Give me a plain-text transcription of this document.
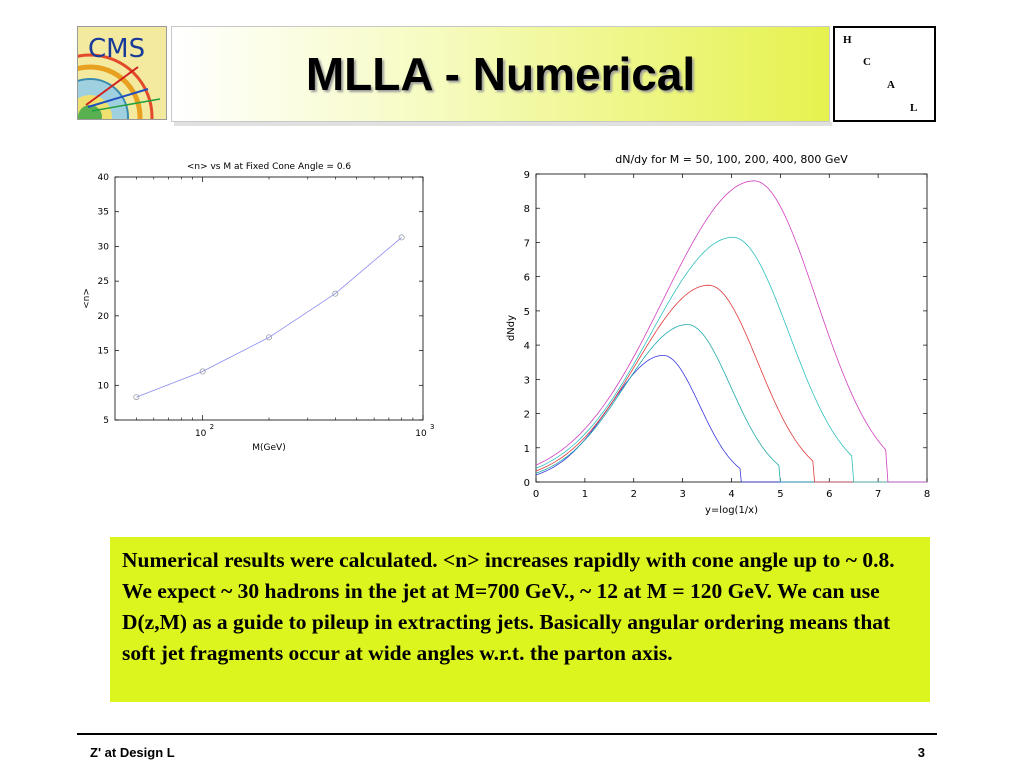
CMS	MLLA - Numerical
H
C
A
L
<n> vs M at Fixed Cone Angle = 0.6
5
10
15
20
25
30
35
40
10
2
10
3
M(GeV)
<n>
dN/dy for M = 50, 100, 200, 400, 800 GeV
0
1
2
3
4
5
6
7
8
9
0	1	2	3	4	5	6	7	8
y=log(1/x)
dNdy
Numerical results were calculated. <n> increases rapidly with cone angle up to ~ 0.8. We expect ~ 30 hadrons in the jet at M=700 GeV., ~ 12 at M = 120 GeV. We can use D(z,M) as a guide to pileup in extracting jets. Basically angular ordering means that soft jet fragments occur at wide angles w.r.t. the parton axis.
Z' at Design L	3
